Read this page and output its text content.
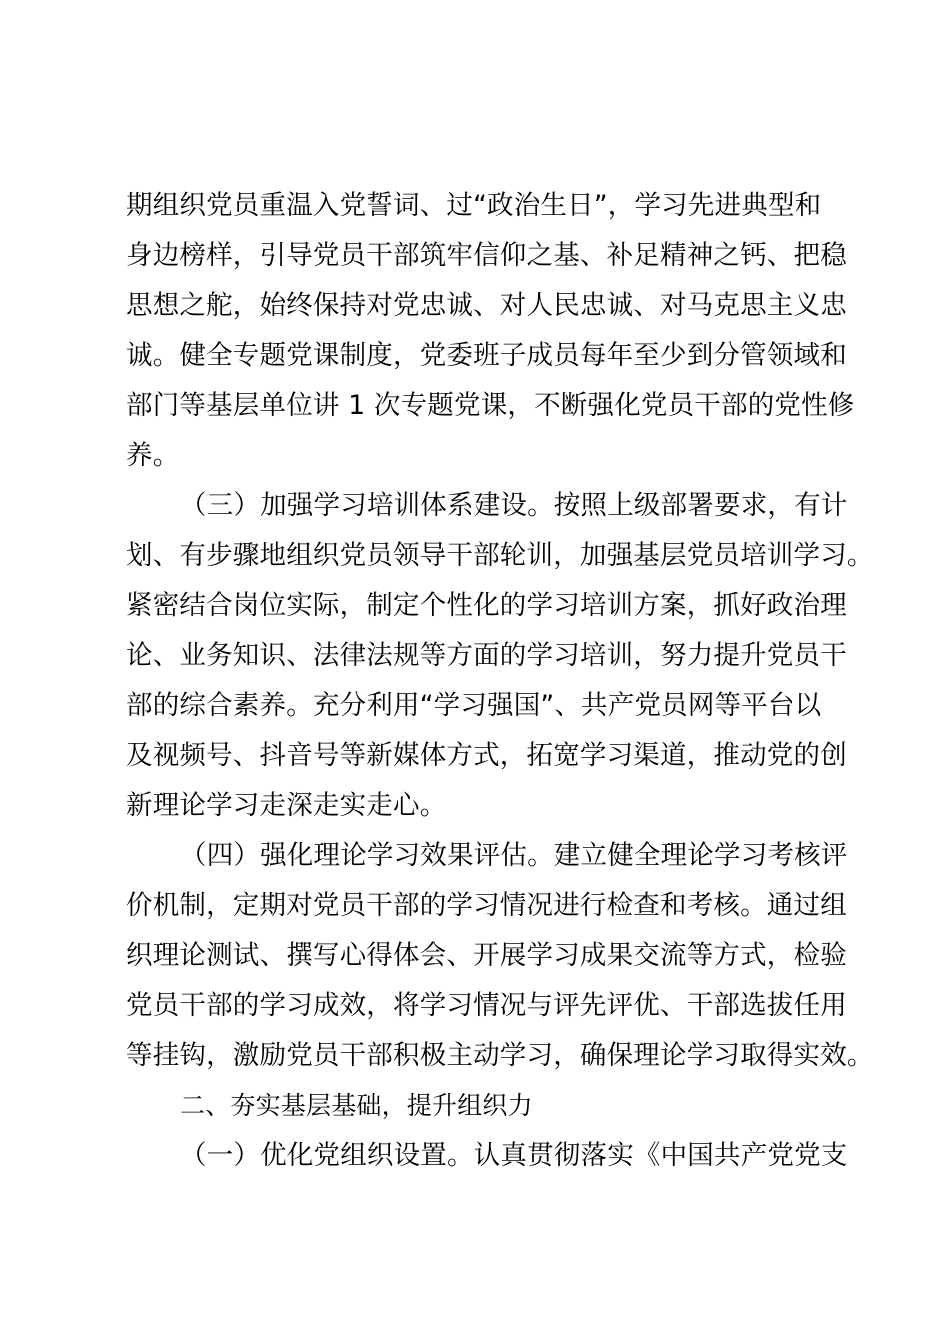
期组织党员重温入党誓词、过“政治生日”，学习先进典型和
身边榜样，引导党员干部筑牢信仰之基、补足精神之钙、把稳
思想之舵，始终保持对党忠诚、对人民忠诚、对马克思主义忠
诚。健全专题党课制度，党委班子成员每年至少到分管领域和
部门等基层单位讲 1 次专题党课，不断强化党员干部的党性修
养。
（三）加强学习培训体系建设。按照上级部署要求，有计
划、有步骤地组织党员领导干部轮训，加强基层党员培训学习。
紧密结合岗位实际，制定个性化的学习培训方案，抓好政治理
论、业务知识、法律法规等方面的学习培训，努力提升党员干
部的综合素养。充分利用“学习强国”、共产党员网等平台以
及视频号、抖音号等新媒体方式，拓宽学习渠道，推动党的创
新理论学习走深走实走心。
（四）强化理论学习效果评估。建立健全理论学习考核评
价机制，定期对党员干部的学习情况进行检查和考核。通过组
织理论测试、撰写心得体会、开展学习成果交流等方式，检验
党员干部的学习成效，将学习情况与评先评优、干部选拔任用
等挂钩，激励党员干部积极主动学习，确保理论学习取得实效。
二、夯实基层基础，提升组织力
（一）优化党组织设置。认真贯彻落实《中国共产党党支
